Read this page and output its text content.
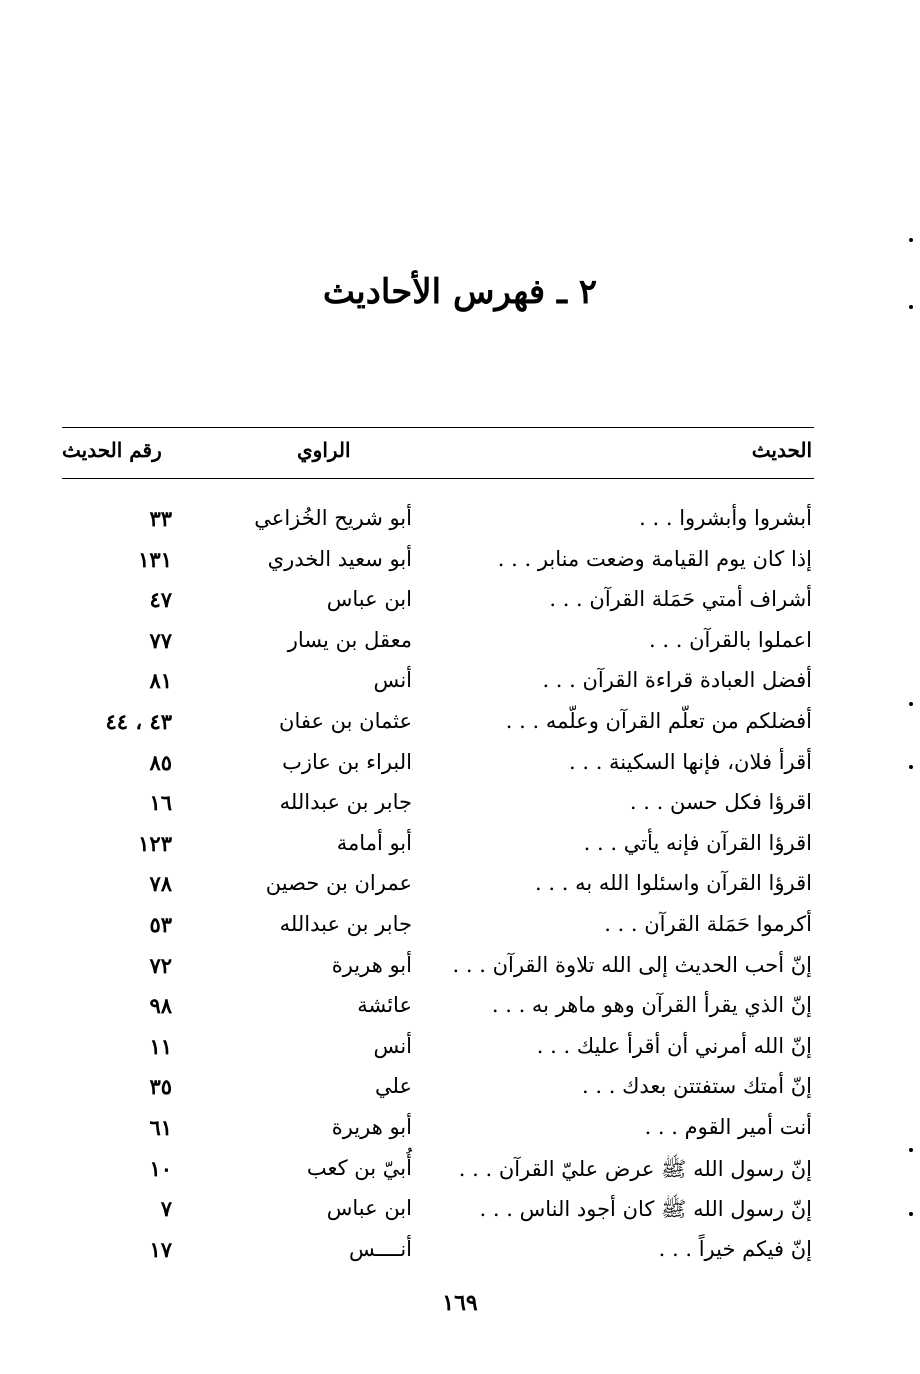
٢ ـ فهرس الأحاديث
الحديث
الراوي
رقم الحديث
أبشروا وأبشروا . . .
أبو شريح الخُزاعي
٣٣
إذا كان يوم القيامة وضعت منابر . . .
أبو سعيد الخدري
١٣١
أشراف أمتي حَمَلة القرآن . . .
ابن عباس
٤٧
اعملوا بالقرآن . . .
معقل بن يسار
٧٧
أفضل العبادة قراءة القرآن . . .
أنس
٨١
أفضلكم من تعلّم القرآن وعلّمه . . .
عثمان بن عفان
٤٣ ، ٤٤
أقرأ فلان، فإنها السكينة . . .
البراء بن عازب
٨٥
اقرؤا فكل حسن . . .
جابر بن عبدالله
١٦
اقرؤا القرآن فإنه يأتي . . .
أبو أمامة
١٢٣
اقرؤا القرآن واسئلوا الله به . . .
عمران بن حصين
٧٨
أكرموا حَمَلة القرآن . . .
جابر بن عبدالله
٥٣
إنّ أحب الحديث إلى الله تلاوة القرآن . . .
أبو هريرة
٧٢
إنّ الذي يقرأ القرآن وهو ماهر به . . .
عائشة
٩٨
إنّ الله أمرني أن أقرأ عليك . . .
أنس
١١
إنّ أمتك ستفتتن بعدك . . .
علي
٣٥
أنت أمير القوم . . .
أبو هريرة
٦١
إنّ رسول الله ﷺ عرض عليّ القرآن . . .
أُبيّ بن كعب
١٠
إنّ رسول الله ﷺ كان أجود الناس . . .
ابن عباس
٧
إنّ فيكم خيراً . . .
أنــــس
١٧
١٦٩
